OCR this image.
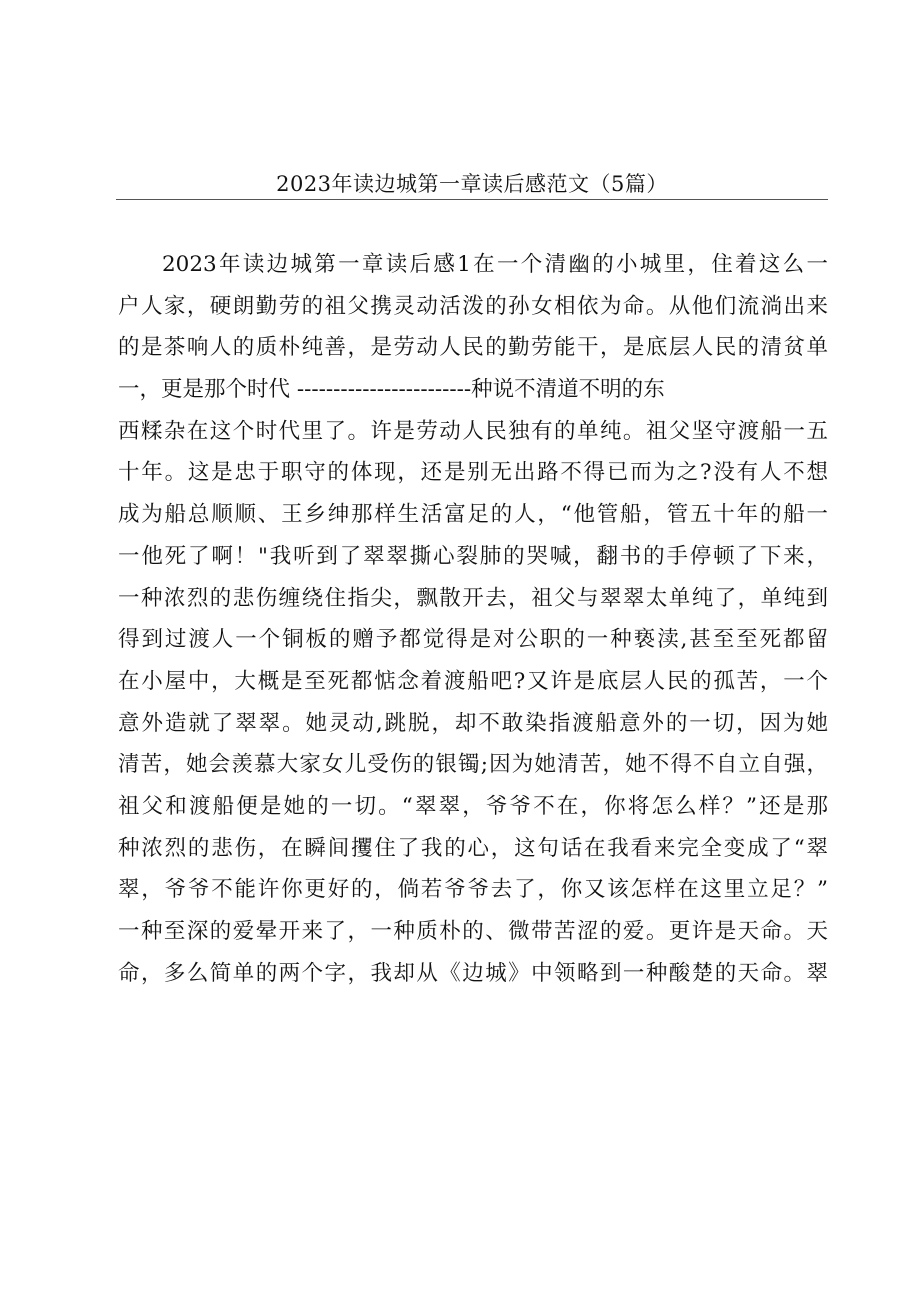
2023年读边城第一章读后感范文（5篇）
2023年读边城第一章读后感1在一个清幽的小城里，住着这么一
户人家，硬朗勤劳的祖父携灵动活泼的孙女相依为命。从他们流淌出来
的是茶响人的质朴纯善，是劳动人民的勤劳能干，是底层人民的清贫单
一，更是那个时代 ------------------------种说不清道不明的东
西糅杂在这个时代里了。许是劳动人民独有的单纯。祖父坚守渡船一五
十年。这是忠于职守的体现，还是别无出路不得已而为之?没有人不想
成为船总顺顺、王乡绅那样生活富足的人，“他管船，管五十年的船一
一他死了啊！"我听到了翠翠撕心裂肺的哭喊，翻书的手停顿了下来，
一种浓烈的悲伤缠绕住指尖，飘散开去，祖父与翠翠太单纯了，单纯到
得到过渡人一个铜板的赠予都觉得是对公职的一种亵渎,甚至至死都留
在小屋中，大概是至死都惦念着渡船吧?又许是底层人民的孤苦，一个
意外造就了翠翠。她灵动,跳脱，却不敢染指渡船意外的一切，因为她
清苦，她会羡慕大家女儿受伤的银镯;因为她清苦，她不得不自立自强，
祖父和渡船便是她的一切。“翠翠，爷爷不在，你将怎么样？”还是那
种浓烈的悲伤，在瞬间攫住了我的心，这句话在我看来完全变成了“翠
翠，爷爷不能许你更好的，倘若爷爷去了，你又该怎样在这里立足？”
一种至深的爱晕开来了，一种质朴的、微带苦涩的爱。更许是天命。天
命，多么简单的两个字，我却从《边城》中领略到一种酸楚的天命。翠
